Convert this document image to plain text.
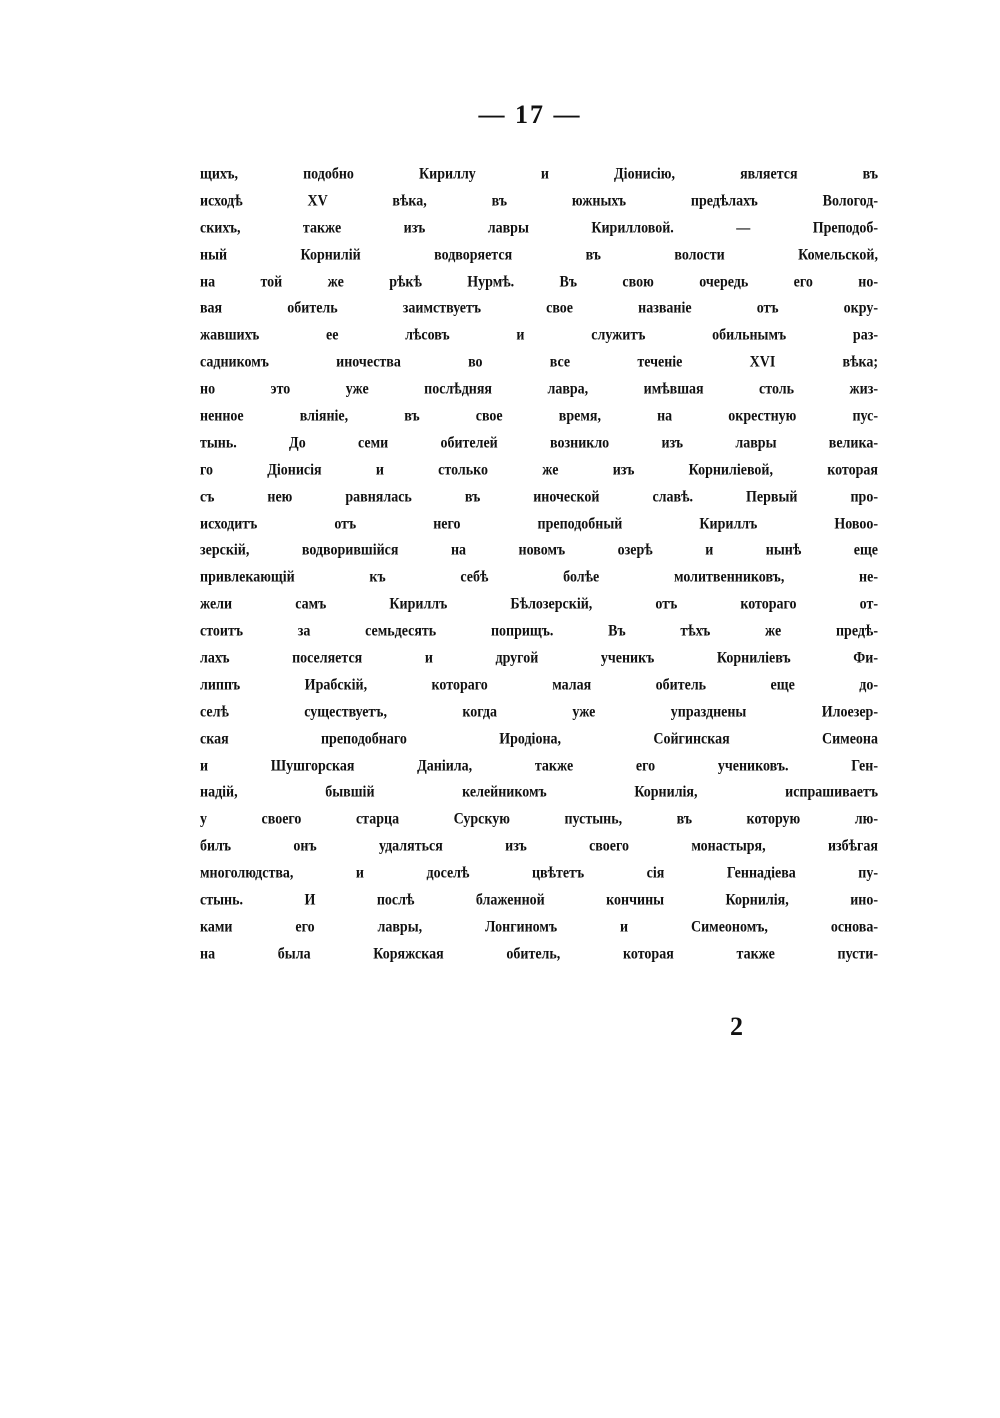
— 17 —
щихъ, подобно Кириллу и Діонисію, является въ
исходѣ XV вѣка, въ южныхъ предѣлахъ Вологод-
скихъ, также изъ лавры Кирилловой. — Преподоб-
ный Корнилій водворяется въ волости Комельской,
на той же рѣкѣ Нурмѣ. Въ свою очередь его но-
вая обитель заимствуетъ свое названіе отъ окру-
жавшихъ ее лѣсовъ и служитъ обильнымъ раз-
садникомъ иночества во все теченіе XVI вѣка;
но это уже послѣдняя лавра, имѣвшая столь жиз-
ненное вліяніе, въ свое время, на окрестную пус-
тынь. До семи обителей возникло изъ лавры велика-
го Діонисія и столько же изъ Корниліевой, которая
съ нею равнялась въ иноческой славѣ. Первый про-
исходитъ отъ него преподобный Кириллъ Новоо-
зерскій, водворившійся на новомъ озерѣ и нынѣ еще
привлекающій къ себѣ болѣе молитвенниковъ, не-
жели самъ Кириллъ Бѣлозерскій, отъ котораго от-
стоитъ за семьдесять поприщъ. Въ тѣхъ же предѣ-
лахъ поселяется и другой ученикъ Корниліевъ Фи-
липпъ Ирабскій, котораго малая обитель еще до-
селѣ существуетъ, когда уже упразднены Илоезер-
ская преподобнаго Иродіона, Сойгинская Симеона
и Шушгорская Даніила, также его учениковъ. Ген-
надій, бывшій келейникомъ Корнилія, испрашиваетъ
у своего старца Сурскую пустынь, въ которую лю-
билъ онъ удаляться изъ своего монастыря, избѣгая
многолюдства, и доселѣ цвѣтетъ сія Геннадіева пу-
стынь. И послѣ блаженной кончины Корнилія, ино-
ками его лавры, Лонгиномъ и Симеономъ, основа-
на была Коряжская обитель, которая также пусти-
2
